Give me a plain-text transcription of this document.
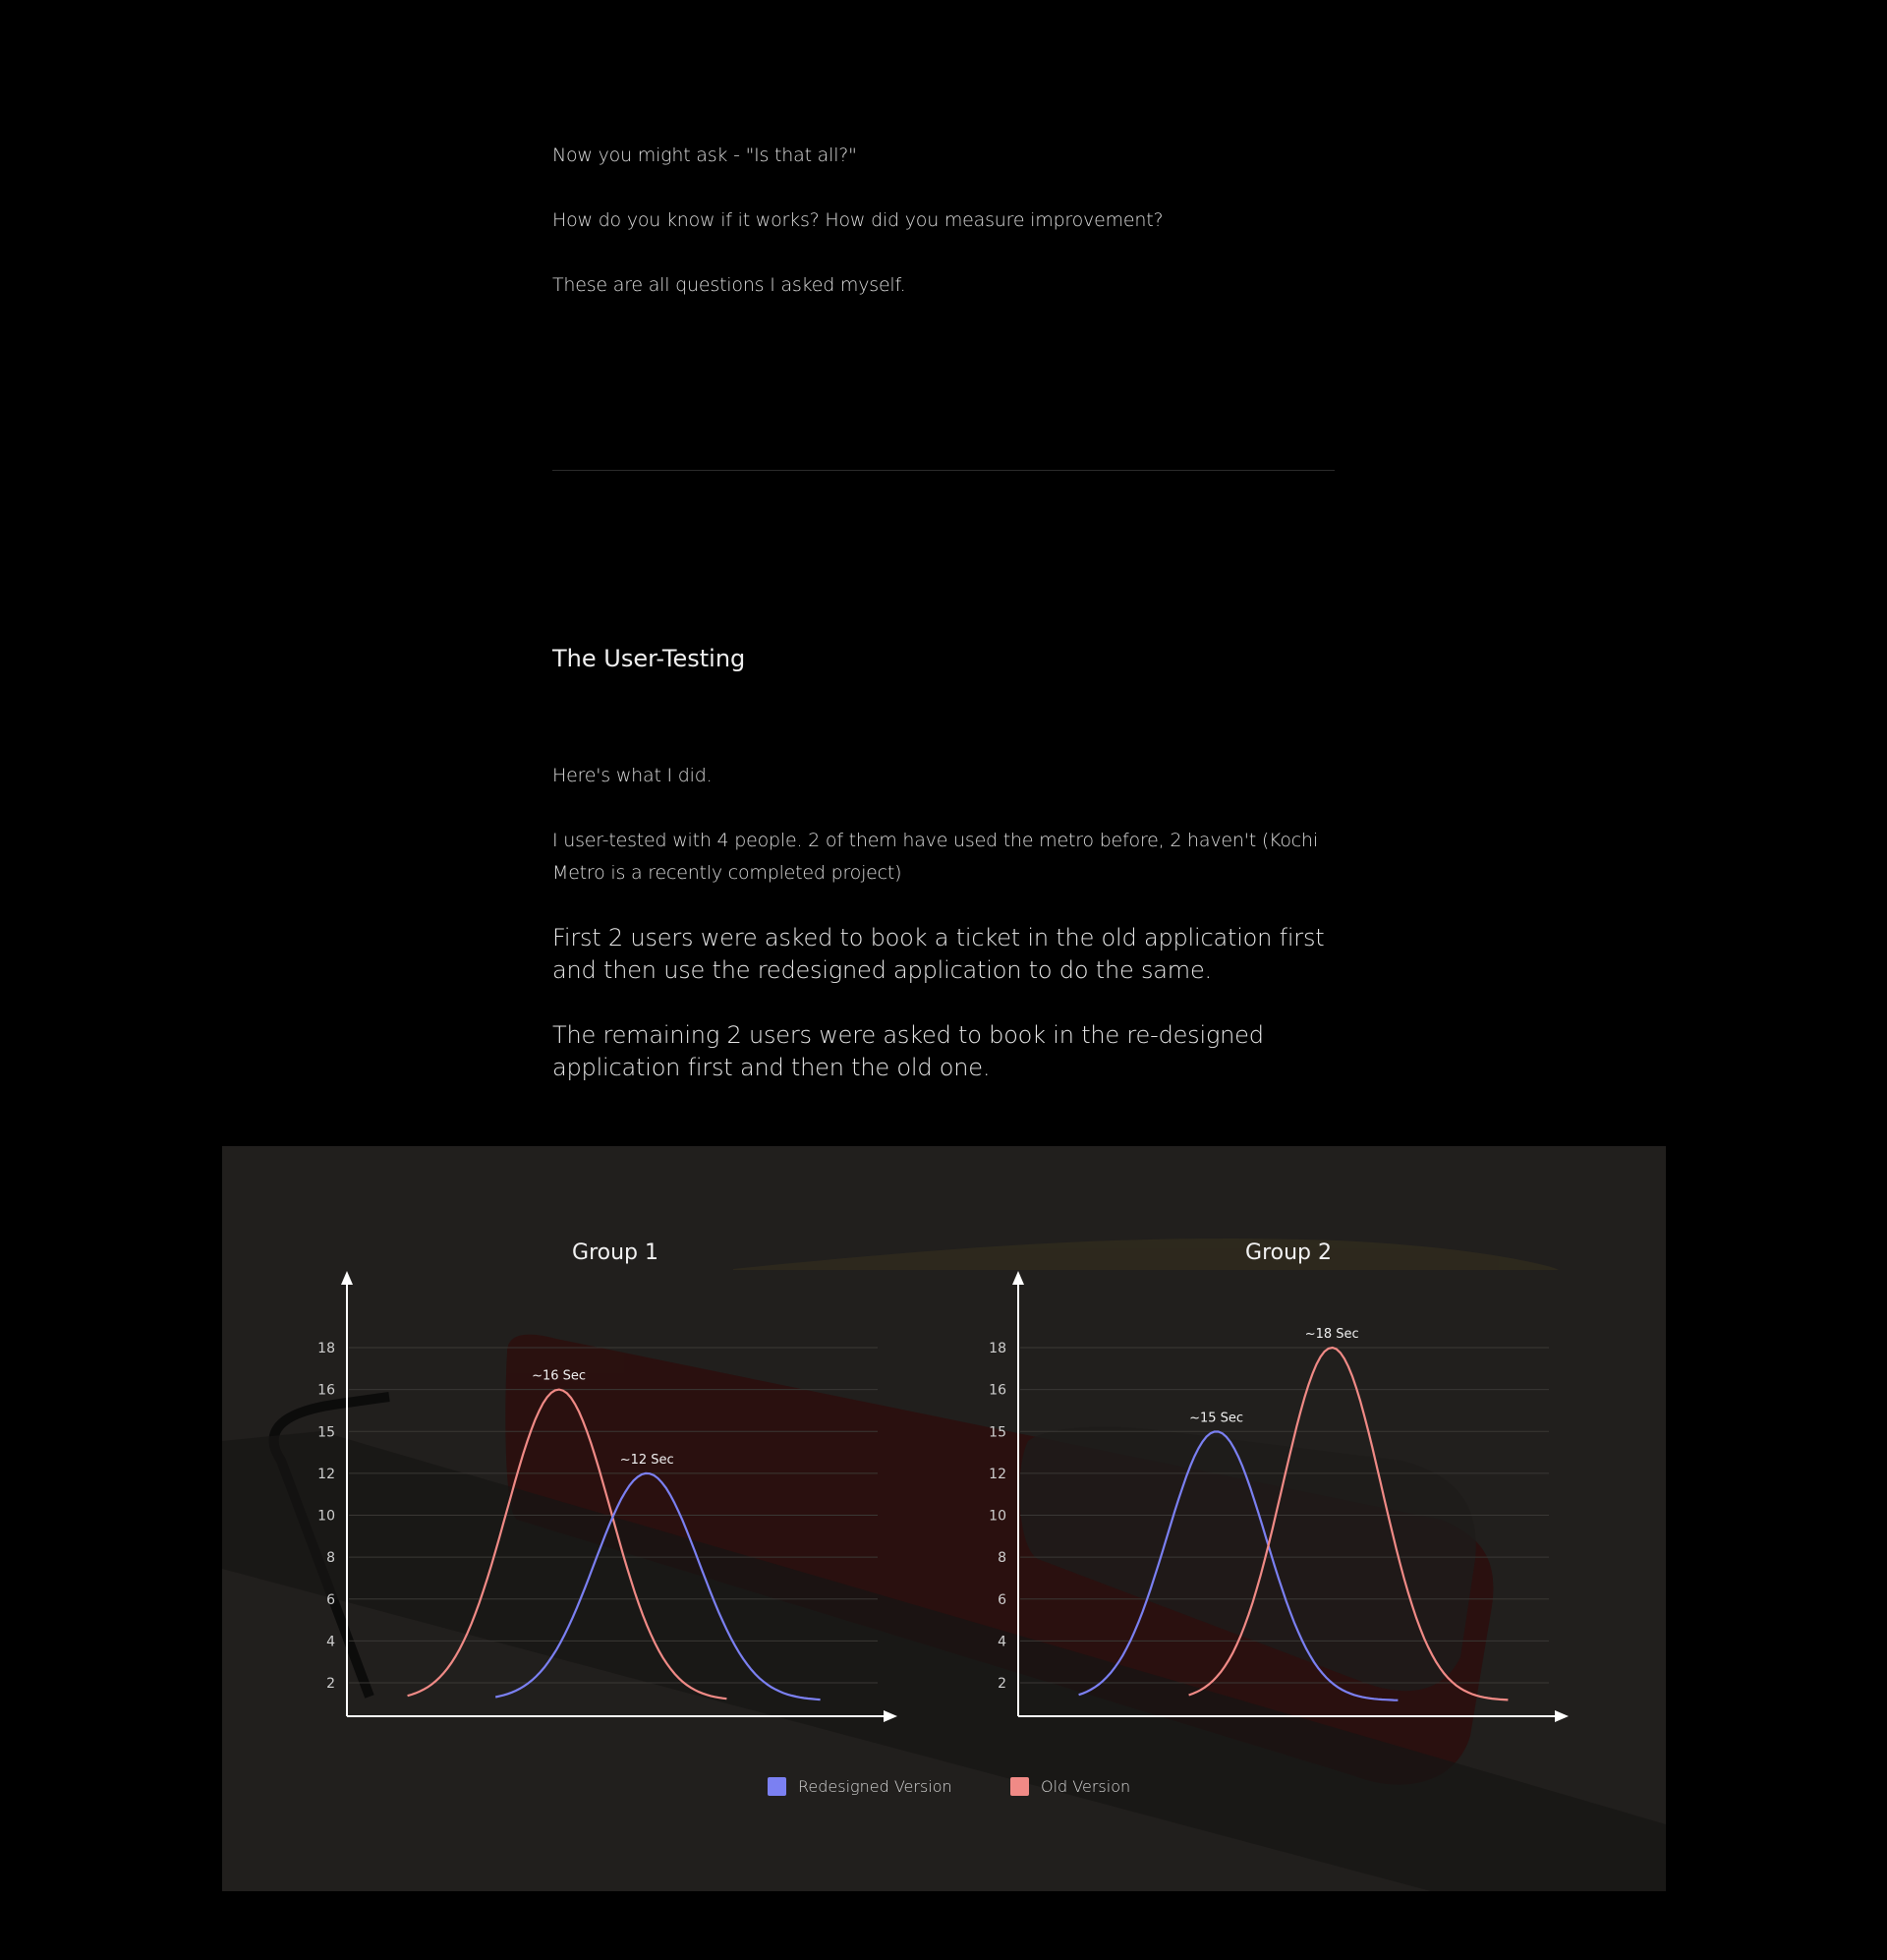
Now you might ask - "Is that all?"

How do you know if it works? How did you measure improvement?

These are all questions I asked myself.

The User-Testing

Here's what I did.

I user-tested with 4 people. 2 of them have used the metro before, 2 haven't (Kochi Metro is a recently completed project)

First 2 users were asked to book a ticket in the old application first and then use the redesigned application to do the same.

The remaining 2 users were asked to book in the re-designed application first and then the old one.

Group 1
2
4
6
8
10
12
15
16
18
~16 Sec
~12 Sec
Group 2
2
4
6
8
10
12
15
16
18
~15 Sec
~18 Sec
Redesigned Version	Old Version
